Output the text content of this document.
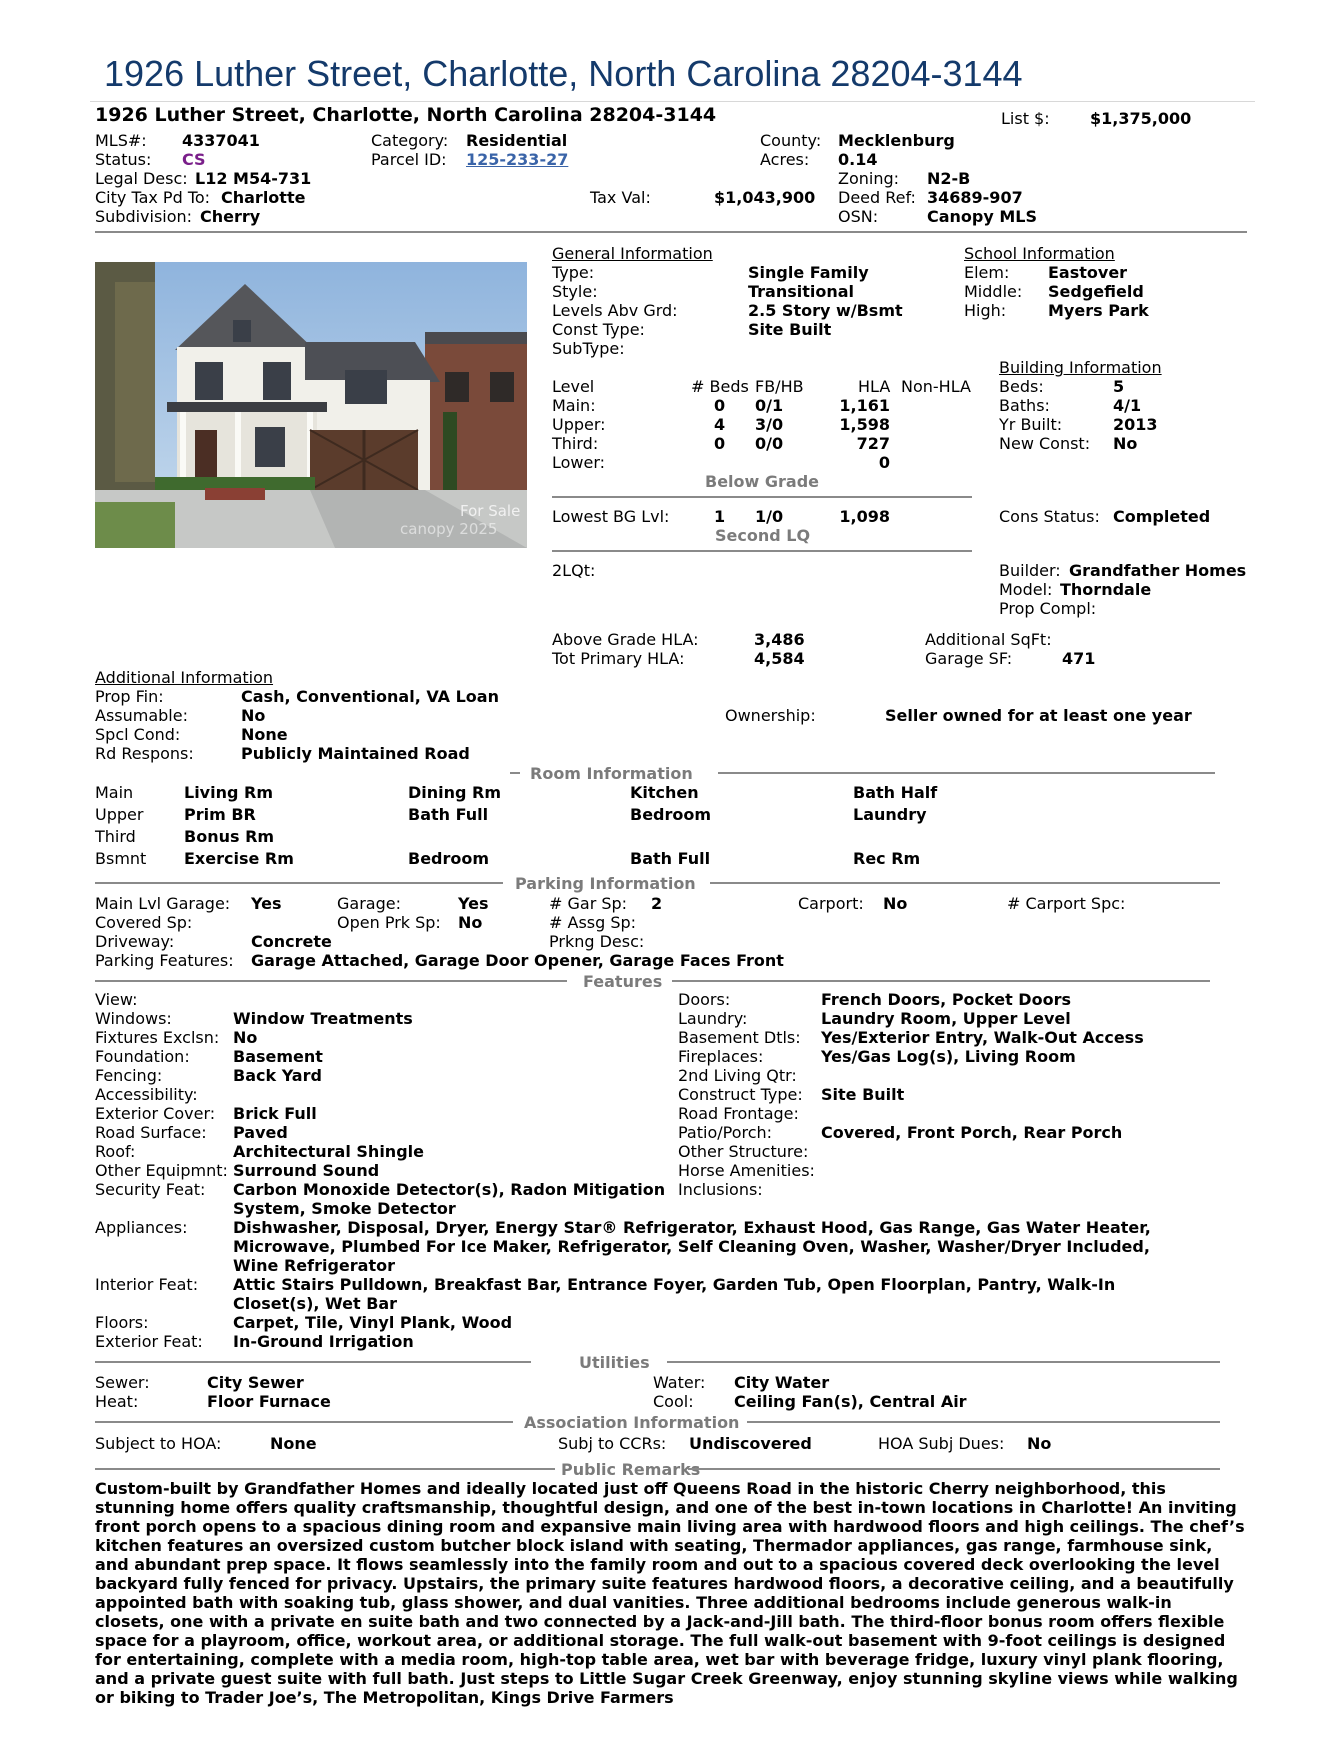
1926 Luther Street, Charlotte, North Carolina 28204-3144
1926 Luther Street, Charlotte, North Carolina 28204-3144	List $:	$1,375,000
MLS#: 4337041
Status: CS
Legal Desc: L12 M54-731
City Tax Pd To: Charlotte
Subdivision: Cherry
Category: Residential
Parcel ID: 125-233-27
Tax Val:	$1,043,900
County: Mecklenburg
Acres: 0.14
Zoning: N2-B
Deed Ref: 34689-907
OSN:	Canopy MLS
For Sale
canopy 2025
General Information
Type:	Single Family
Style:	Transitional
Levels Abv Grd:	2.5 Story w/Bsmt
Const Type:	Site Built
SubType:
School Information
Elem: Eastover
Middle: Sedgefield
High:	Myers Park
Level	# Beds FB/HB	HLA Non-HLA
Main:	0 0/1	1,161
Upper:	4 3/0	1,598
Third:	0 0/0	727
Lower:	0
Below Grade
Lowest BG Lvl:	1 1/0	1,098
Second LQ
2LQt:
Building Information
Beds:	5
Baths:	4/1
Yr Built:	2013
New Const: No
Cons Status: Completed
Builder: Grandfather Homes
Model: Thorndale
Prop Compl:
Above Grade HLA:	3,486
Tot Primary HLA:	4,584
Additional SqFt:
Garage SF:	471
Additional Information
Prop Fin:	Cash, Conventional, VA Loan
Assumable:	No
Spcl Cond:	None
Rd Respons:	Publicly Maintained Road
Ownership:	Seller owned for at least one year
Room Information
Main	Living Rm	Dining Rm	Kitchen	Bath Half
Upper	Prim BR	Bath Full	Bedroom	Laundry
Third	Bonus Rm
Bsmnt Exercise Rm	Bedroom	Bath Full	Rec Rm
Parking Information
Main Lvl Garage: Yes	Garage:	Yes	# Gar Sp: 2	Carport: No	# Carport Spc:
Covered Sp:	Open Prk Sp: No	# Assg Sp:
Driveway:	Concrete	Prkng Desc:
Parking Features: Garage Attached, Garage Door Opener, Garage Faces Front
Features
View:
Windows:	Window Treatments
Fixtures Exclsn: No
Foundation:	Basement
Fencing:	Back Yard
Accessibility:
Exterior Cover: Brick Full
Road Surface: Paved
Roof:	Architectural Shingle
Other Equipmnt: Surround Sound
Security Feat: Carbon Monoxide Detector(s), Radon Mitigation System, Smoke Detector
Appliances:	Dishwasher, Disposal, Dryer, Energy Star® Refrigerator, Exhaust Hood, Gas Range, Gas Water Heater, Microwave, Plumbed For Ice Maker, Refrigerator, Self Cleaning Oven, Washer, Washer/Dryer Included, Wine Refrigerator
Interior Feat: Attic Stairs Pulldown, Breakfast Bar, Entrance Foyer, Garden Tub, Open Floorplan, Pantry, Walk-In Closet(s), Wet Bar
Floors:	Carpet, Tile, Vinyl Plank, Wood
Exterior Feat: In-Ground Irrigation
Doors:	French Doors, Pocket Doors
Laundry:	Laundry Room, Upper Level
Basement Dtls: Yes/Exterior Entry, Walk-Out Access
Fireplaces:	Yes/Gas Log(s), Living Room
2nd Living Qtr:
Construct Type: Site Built
Road Frontage:
Patio/Porch:	Covered, Front Porch, Rear Porch
Other Structure:
Horse Amenities:
Inclusions:
Utilities
Sewer:	City Sewer
Heat:	Floor Furnace
Water: City Water
Cool:	Ceiling Fan(s), Central Air
Association Information
Subject to HOA:	None	Subj to CCRs: Undiscovered	HOA Subj Dues: No
Public Remarks
Custom-built by Grandfather Homes and ideally located just off Queens Road in the historic Cherry neighborhood, this stunning home offers quality craftsmanship, thoughtful design, and one of the best in-town locations in Charlotte! An inviting front porch opens to a spacious dining room and expansive main living area with hardwood floors and high ceilings. The chef’s kitchen features an oversized custom butcher block island with seating, Thermador appliances, gas range, farmhouse sink, and abundant prep space. It flows seamlessly into the family room and out to a spacious covered deck overlooking the level backyard fully fenced for privacy. Upstairs, the primary suite features hardwood floors, a decorative ceiling, and a beautifully appointed bath with soaking tub, glass shower, and dual vanities. Three additional bedrooms include generous walk-in closets, one with a private en suite bath and two connected by a Jack-and-Jill bath. The third-floor bonus room offers flexible space for a playroom, office, workout area, or additional storage. The full walk-out basement with 9-foot ceilings is designed for entertaining, complete with a media room, high-top table area, wet bar with beverage fridge, luxury vinyl plank flooring, and a private guest suite with full bath. Just steps to Little Sugar Creek Greenway, enjoy stunning skyline views while walking or biking to Trader Joe’s, The Metropolitan, Kings Drive Farmers
